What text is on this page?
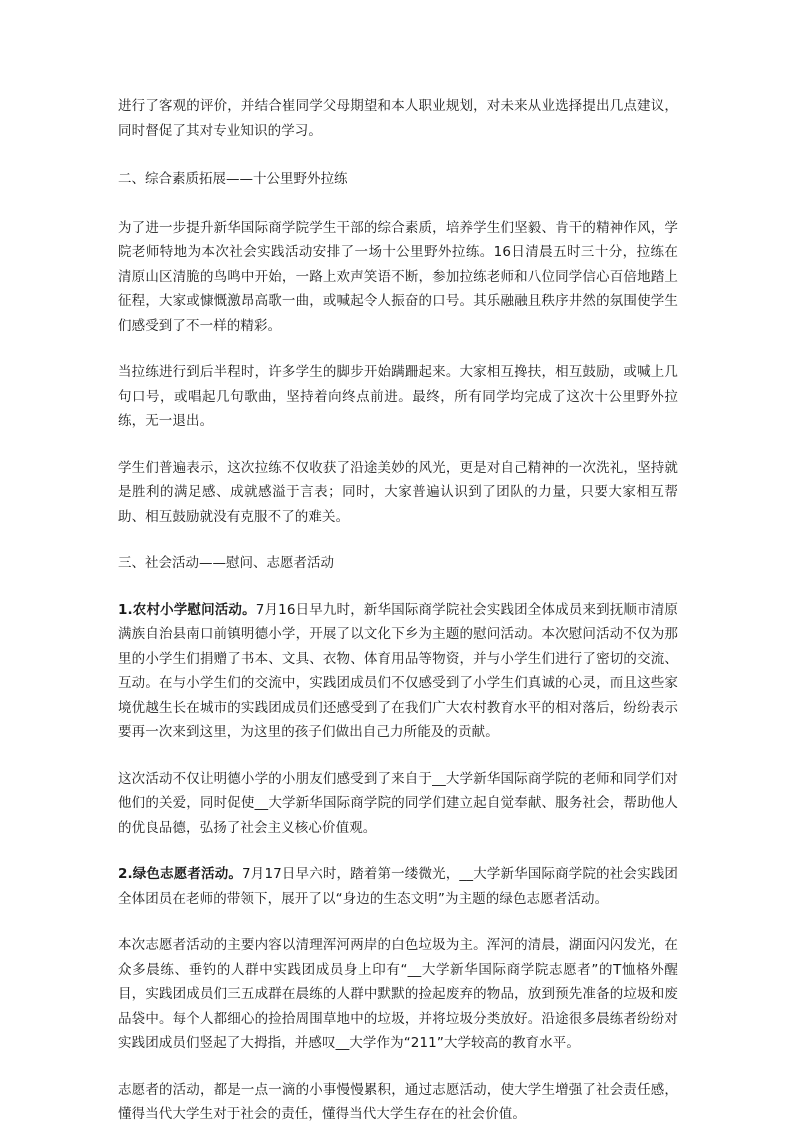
进行了客观的评价，并结合崔同学父母期望和本人职业规划，对未来从业选择提出几点建议，同时督促了其对专业知识的学习。

二、综合素质拓展——十公里野外拉练

为了进一步提升新华国际商学院学生干部的综合素质，培养学生们坚毅、肯干的精神作风，学院老师特地为本次社会实践活动安排了一场十公里野外拉练。16日清晨五时三十分，拉练在清原山区清脆的鸟鸣中开始，一路上欢声笑语不断，参加拉练老师和八位同学信心百倍地踏上征程，大家或慷慨激昂高歌一曲，或喊起令人振奋的口号。其乐融融且秩序井然的氛围使学生们感受到了不一样的精彩。

当拉练进行到后半程时，许多学生的脚步开始蹒跚起来。大家相互搀扶，相互鼓励，或喊上几句口号，或唱起几句歌曲，坚持着向终点前进。最终，所有同学均完成了这次十公里野外拉练，无一退出。

学生们普遍表示，这次拉练不仅收获了沿途美妙的风光，更是对自己精神的一次洗礼，坚持就是胜利的满足感、成就感溢于言表；同时，大家普遍认识到了团队的力量，只要大家相互帮助、相互鼓励就没有克服不了的难关。

三、社会活动——慰问、志愿者活动

1.农村小学慰问活动。7月16日早九时，新华国际商学院社会实践团全体成员来到抚顺市清原满族自治县南口前镇明德小学，开展了以文化下乡为主题的慰问活动。本次慰问活动不仅为那里的小学生们捐赠了书本、文具、衣物、体育用品等物资，并与小学生们进行了密切的交流、互动。在与小学生们的交流中，实践团成员们不仅感受到了小学生们真诚的心灵，而且这些家境优越生长在城市的实践团成员们还感受到了在我们广大农村教育水平的相对落后，纷纷表示要再一次来到这里，为这里的孩子们做出自己力所能及的贡献。

这次活动不仅让明德小学的小朋友们感受到了来自于__大学新华国际商学院的老师和同学们对他们的关爱，同时促使__大学新华国际商学院的同学们建立起自觉奉献、服务社会，帮助他人的优良品德，弘扬了社会主义核心价值观。

2.绿色志愿者活动。7月17日早六时，踏着第一缕微光，__大学新华国际商学院的社会实践团全体团员在老师的带领下，展开了以“身边的生态文明”为主题的绿色志愿者活动。

本次志愿者活动的主要内容以清理浑河两岸的白色垃圾为主。浑河的清晨，湖面闪闪发光，在众多晨练、垂钓的人群中实践团成员身上印有“__大学新华国际商学院志愿者”的T恤格外醒目，实践团成员们三五成群在晨练的人群中默默的捡起废弃的物品，放到预先准备的垃圾和废品袋中。每个人都细心的捡拾周围草地中的垃圾，并将垃圾分类放好。沿途很多晨练者纷纷对实践团成员们竖起了大拇指，并感叹__大学作为“211”大学较高的教育水平。

志愿者的活动，都是一点一滴的小事慢慢累积，通过志愿活动，使大学生增强了社会责任感，懂得当代大学生对于社会的责任，懂得当代大学生存在的社会价值。
